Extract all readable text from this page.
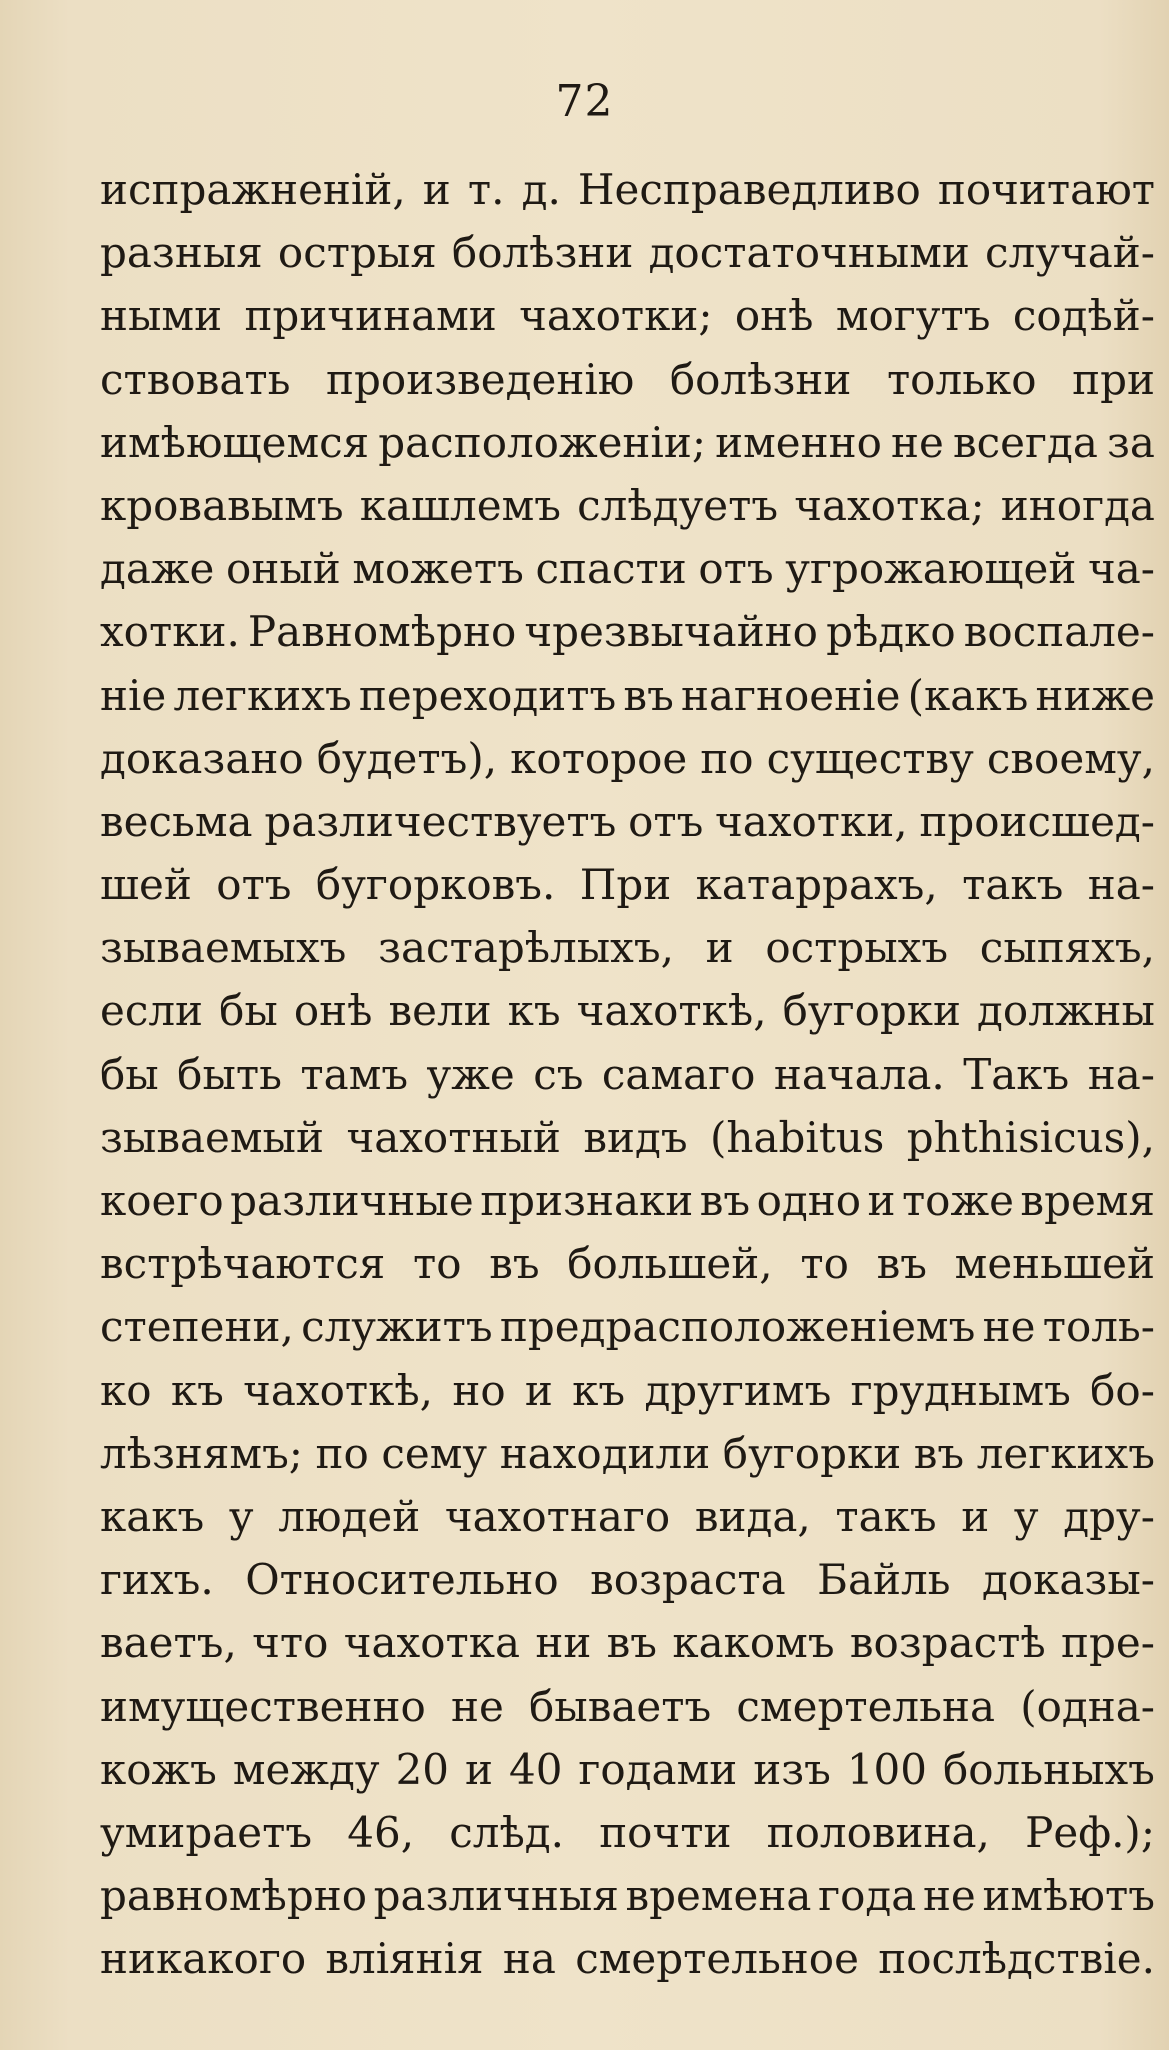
72
испражненій, и т. д. Несправедливо почитают
разныя острыя болѣзни достаточными случай-
ными причинами чахотки; онѣ могутъ содѣй-
ствовать произведенію болѣзни только при
имѣющемся расположеніи; именно не всегда за
кровавымъ кашлемъ слѣдуетъ чахотка; иногда
даже оный можетъ спасти отъ угрожающей ча-
хотки. Равномѣрно чрезвычайно рѣдко воспале-
ніе легкихъ переходитъ въ нагноеніе (какъ ниже
доказано будетъ), которое по существу своему,
весьма различествуетъ отъ чахотки, происшед-
шей отъ бугорковъ. При катаррахъ, такъ на-
зываемыхъ застарѣлыхъ, и острыхъ сыпяхъ,
если бы онѣ вели къ чахоткѣ, бугорки должны
бы быть тамъ уже съ самаго начала. Такъ на-
зываемый чахотный видъ (habitus phthisicus),
коего различные признаки въ одно и тоже время
встрѣчаются то въ большей, то въ меньшей
степени, служитъ предрасположеніемъ не толь-
ко къ чахоткѣ, но и къ другимъ груднымъ бо-
лѣзнямъ; по сему находили бугорки въ легкихъ
какъ у людей чахотнаго вида, такъ и у дру-
гихъ. Относительно возраста Байль доказы-
ваетъ, что чахотка ни въ какомъ возрастѣ пре-
имущественно не бываетъ смертельна (одна-
кожъ между 20 и 40 годами изъ 100 больныхъ
умираетъ 46, слѣд. почти половина, Реф.);
равномѣрно различныя времена года не имѣютъ
никакого вліянія на смертельное послѣдствіе.
